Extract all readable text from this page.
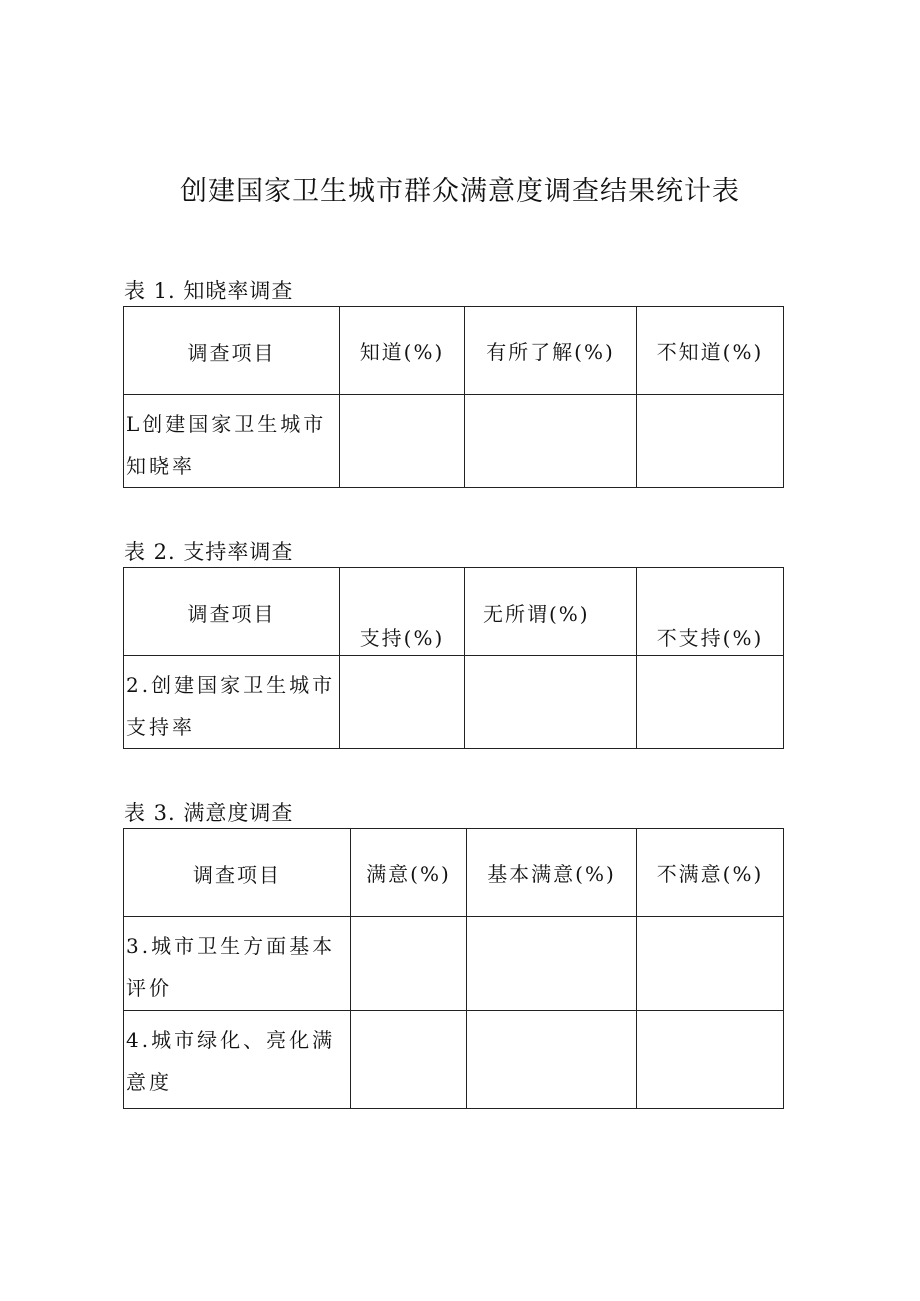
创建国家卫生城市群众满意度调查结果统计表
表 1. 知晓率调查
调查项目	知道(%)	有所了解(%)	不知道(%)
L创建国家卫生城市知晓率			
表 2. 支持率调查
调查项目	支持(%)	无所谓(%)	不支持(%)
2.创建国家卫生城市支持率			
表 3. 满意度调查
调查项目	满意(%)	基本满意(%)	不满意(%)
3.城市卫生方面基本评价			
4.城市绿化、亮化满意度			
